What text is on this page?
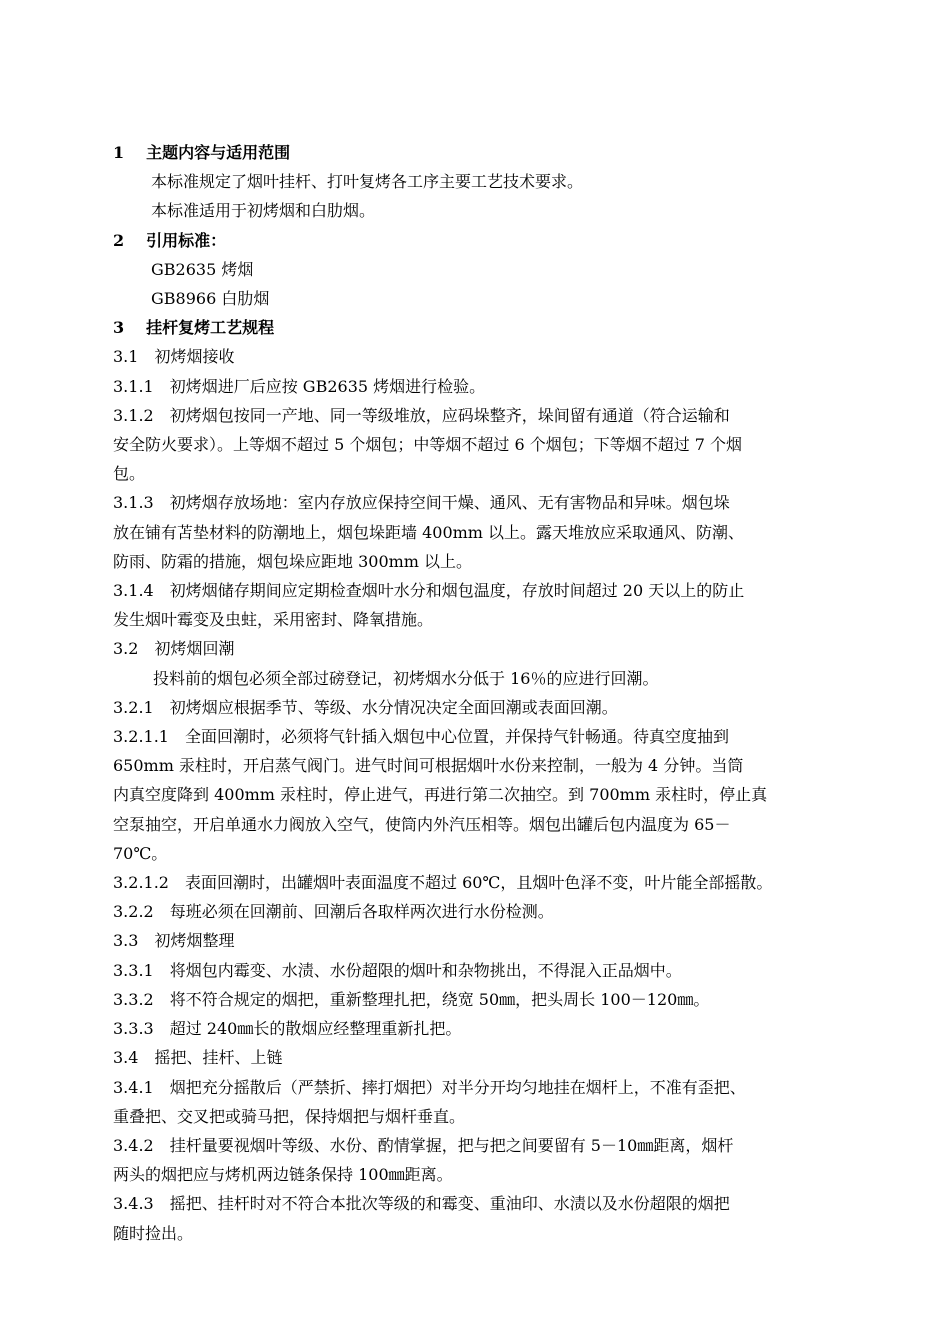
1 主题内容与适用范围
本标准规定了烟叶挂杆、打叶复烤各工序主要工艺技术要求。
本标准适用于初烤烟和白肋烟。
2 引用标准：
GB2635 烤烟
GB8966 白肋烟
3 挂杆复烤工艺规程
3.1 初烤烟接收
3.1.1 初烤烟进厂后应按 GB2635 烤烟进行检验。
3.1.2 初烤烟包按同一产地、同一等级堆放，应码垛整齐，垛间留有通道（符合运输和
安全防火要求）。上等烟不超过 5 个烟包；中等烟不超过 6 个烟包；下等烟不超过 7 个烟
包。
3.1.3 初烤烟存放场地：室内存放应保持空间干燥、通风、无有害物品和异味。烟包垛
放在铺有苫垫材料的防潮地上，烟包垛距墙 400mm 以上。露天堆放应采取通风、防潮、
防雨、防霜的措施，烟包垛应距地 300mm 以上。
3.1.4 初烤烟储存期间应定期检查烟叶水分和烟包温度，存放时间超过 20 天以上的防止
发生烟叶霉变及虫蛀，采用密封、降氧措施。
3.2 初烤烟回潮
投料前的烟包必须全部过磅登记，初烤烟水分低于 16％的应进行回潮。
3.2.1 初烤烟应根据季节、等级、水分情况决定全面回潮或表面回潮。
3.2.1.1 全面回潮时，必须将气针插入烟包中心位置，并保持气针畅通。待真空度抽到
650mm 汞柱时，开启蒸气阀门。进气时间可根据烟叶水份来控制，一般为 4 分钟。当筒
内真空度降到 400mm 汞柱时，停止进气，再进行第二次抽空。到 700mm 汞柱时，停止真
空泵抽空，开启单通水力阀放入空气，使筒内外汽压相等。烟包出罐后包内温度为 65－
70℃。
3.2.1.2 表面回潮时，出罐烟叶表面温度不超过 60℃，且烟叶色泽不变，叶片能全部摇散。
3.2.2 每班必须在回潮前、回潮后各取样两次进行水份检测。
3.3 初烤烟整理
3.3.1 将烟包内霉变、水渍、水份超限的烟叶和杂物挑出，不得混入正品烟中。
3.3.2 将不符合规定的烟把，重新整理扎把，绕宽 50㎜，把头周长 100－120㎜。
3.3.3 超过 240㎜长的散烟应经整理重新扎把。
3.4 摇把、挂杆、上链
3.4.1 烟把充分摇散后（严禁折、摔打烟把）对半分开均匀地挂在烟杆上，不准有歪把、
重叠把、交叉把或骑马把，保持烟把与烟杆垂直。
3.4.2 挂杆量要视烟叶等级、水份、酌情掌握，把与把之间要留有 5－10㎜距离，烟杆
两头的烟把应与烤机两边链条保持 100㎜距离。
3.4.3 摇把、挂杆时对不符合本批次等级的和霉变、重油印、水渍以及水份超限的烟把
随时捡出。
